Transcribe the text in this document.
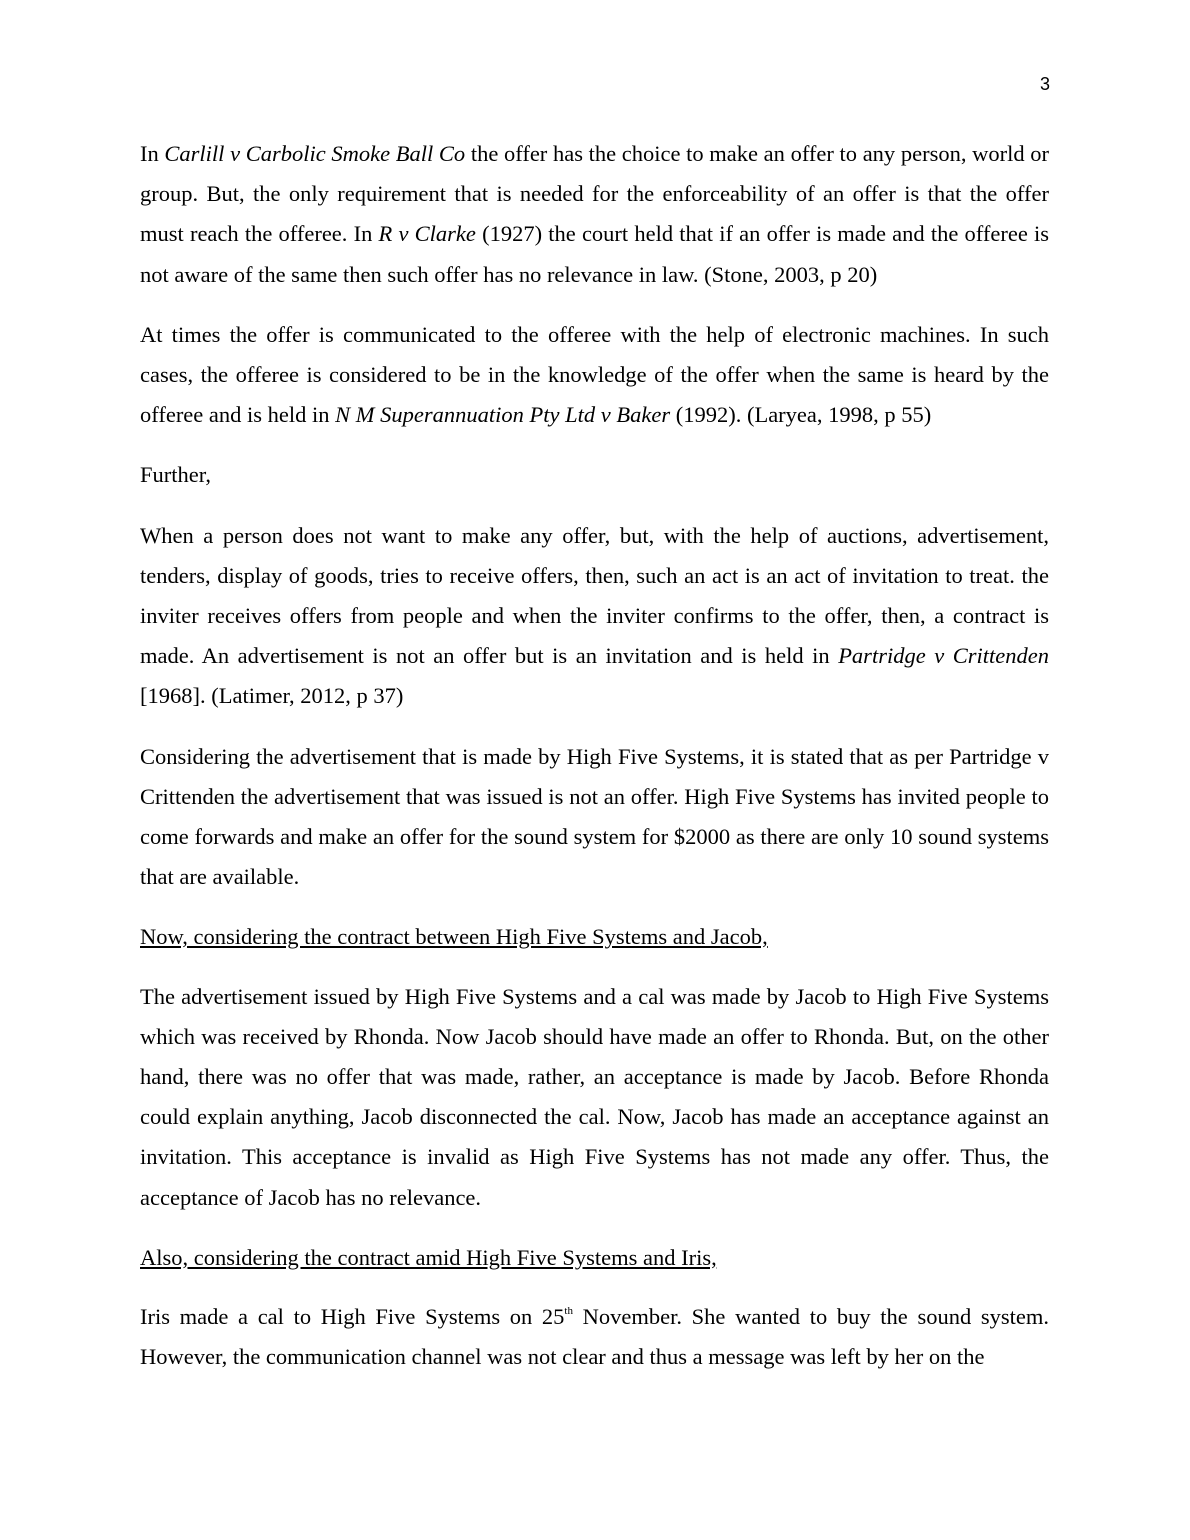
3

In Carlill v Carbolic Smoke Ball Co the offer has the choice to make an offer to any person, world or group. But, the only requirement that is needed for the enforceability of an offer is that the offer must reach the offeree. In R v Clarke (1927) the court held that if an offer is made and the offeree is not aware of the same then such offer has no relevance in law. (Stone, 2003, p 20)

At times the offer is communicated to the offeree with the help of electronic machines. In such cases, the offeree is considered to be in the knowledge of the offer when the same is heard by the offeree and is held in N M Superannuation Pty Ltd v Baker (1992). (Laryea, 1998, p 55)

Further,

When a person does not want to make any offer, but, with the help of auctions, advertisement, tenders, display of goods, tries to receive offers, then, such an act is an act of invitation to treat. the inviter receives offers from people and when the inviter confirms to the offer, then, a contract is made. An advertisement is not an offer but is an invitation and is held in Partridge v Crittenden [1968]. (Latimer, 2012, p 37)

Considering the advertisement that is made by High Five Systems, it is stated that as per Partridge v Crittenden the advertisement that was issued is not an offer. High Five Systems has invited people to come forwards and make an offer for the sound system for $2000 as there are only 10 sound systems that are available.

Now, considering the contract between High Five Systems and Jacob,

The advertisement issued by High Five Systems and a cal was made by Jacob to High Five Systems which was received by Rhonda. Now Jacob should have made an offer to Rhonda. But, on the other hand, there was no offer that was made, rather, an acceptance is made by Jacob. Before Rhonda could explain anything, Jacob disconnected the cal. Now, Jacob has made an acceptance against an invitation. This acceptance is invalid as High Five Systems has not made any offer. Thus, the acceptance of Jacob has no relevance.

Also, considering the contract amid High Five Systems and Iris,

Iris made a cal to High Five Systems on 25th November. She wanted to buy the sound system. However, the communication channel was not clear and thus a message was left by her on the
